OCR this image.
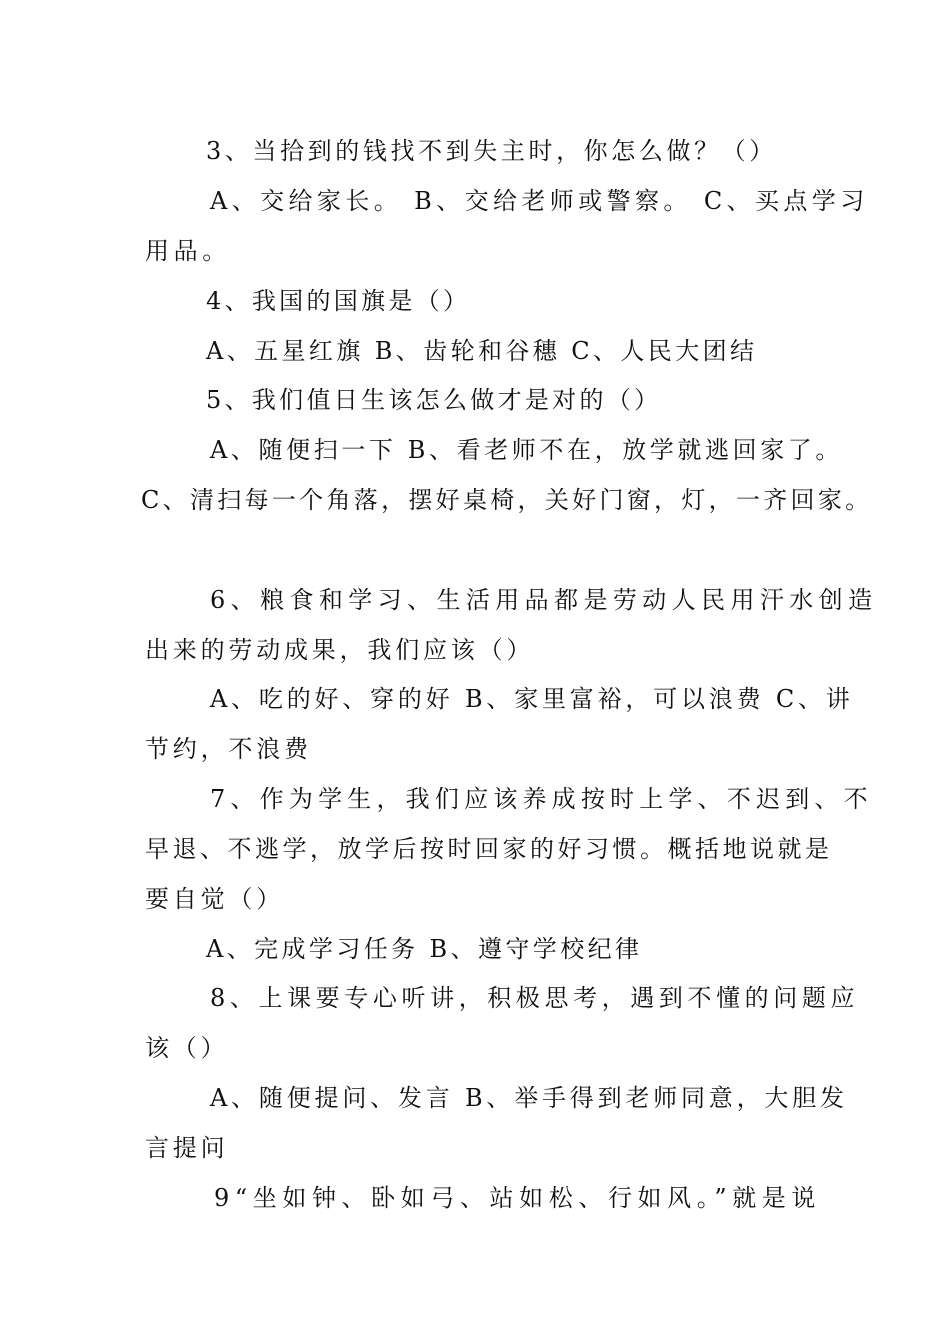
3、当拾到的钱找不到失主时，你怎么做？（）
A、交给家长。 B、交给老师或警察。 C、买点学习
用品。
4、我国的国旗是（）
A、五星红旗 B、齿轮和谷穗 C、人民大团结
5、我们值日生该怎么做才是对的（）
A、随便扫一下 B、看老师不在，放学就逃回家了。
C、清扫每一个角落，摆好桌椅，关好门窗，灯，一齐回家。
6、粮食和学习、生活用品都是劳动人民用汗水创造
出来的劳动成果，我们应该（）
A、吃的好、穿的好 B、家里富裕，可以浪费 C、讲
节约，不浪费
7、作为学生，我们应该养成按时上学、不迟到、不
早退、不逃学，放学后按时回家的好习惯。概括地说就是
要自觉（）
A、完成学习任务 B、遵守学校纪律
8、上课要专心听讲，积极思考，遇到不懂的问题应
该（）
A、随便提问、发言 B、举手得到老师同意，大胆发
言提问
9“坐如钟、卧如弓、站如松、行如风。”就是说
